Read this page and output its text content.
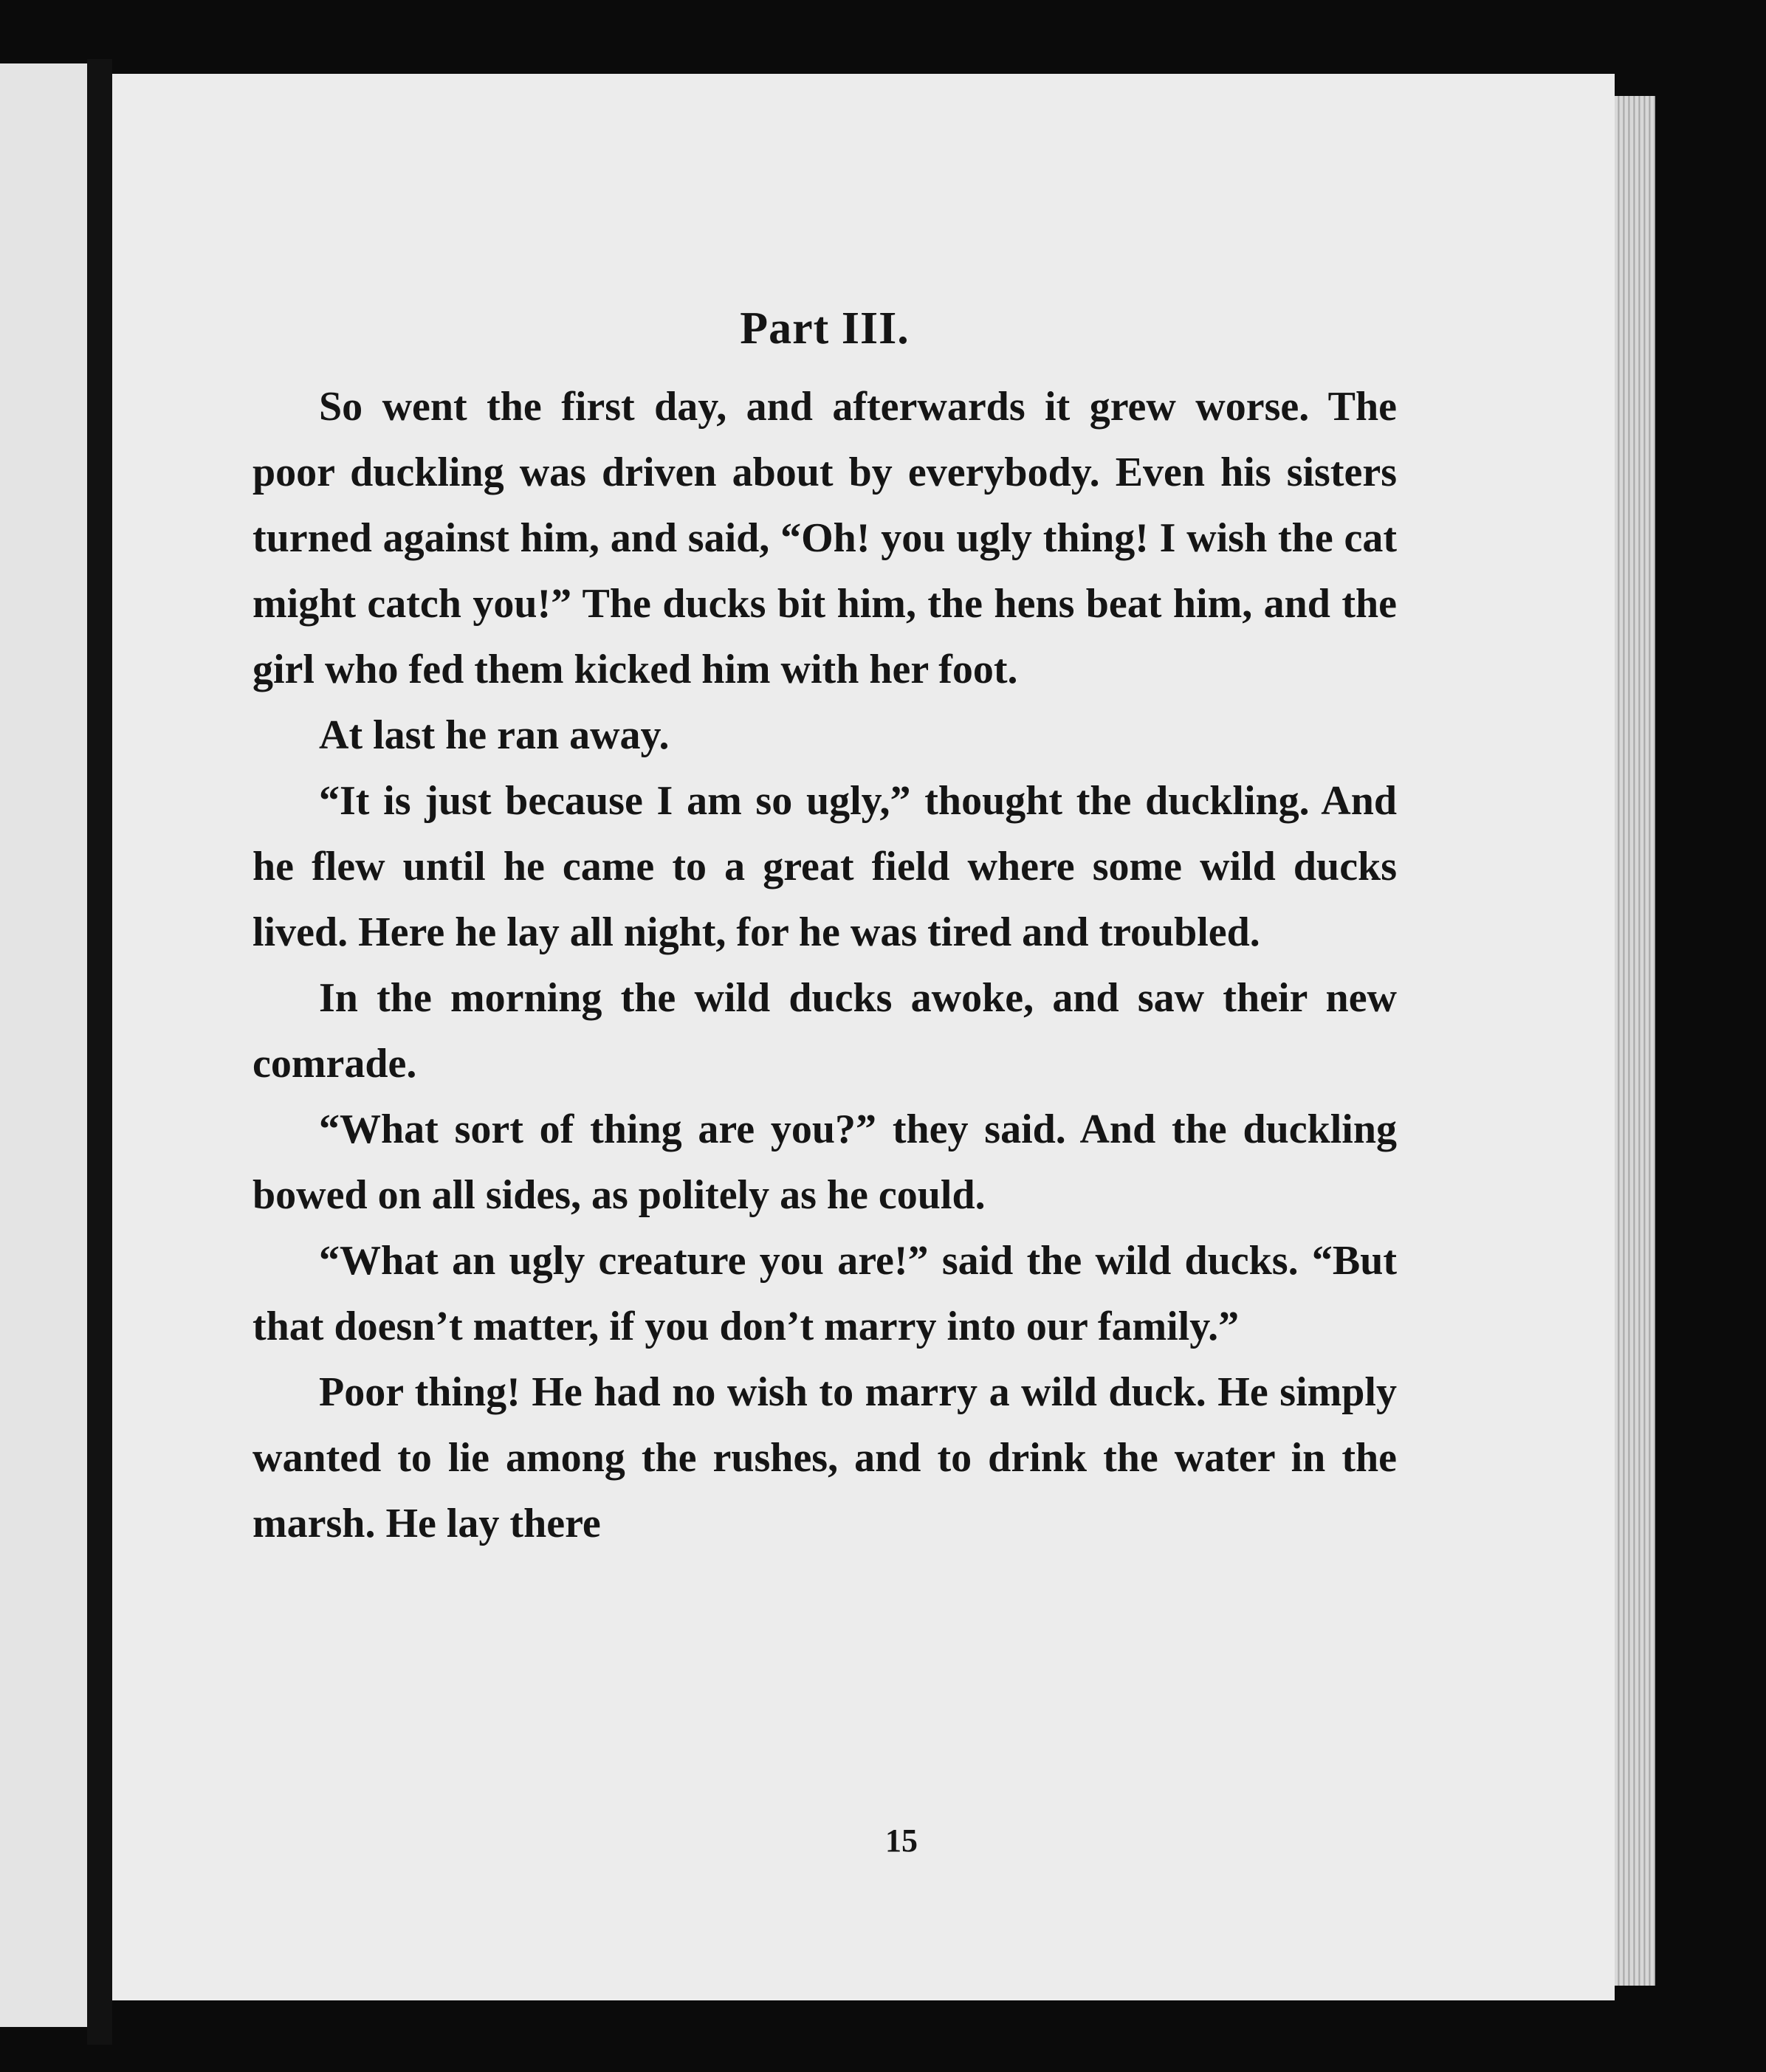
Part III.

So went the first day, and afterwards it grew worse. The poor duckling was driven about by everybody. Even his sisters turned against him, and said, “Oh! you ugly thing! I wish the cat might catch you!” The ducks bit him, the hens beat him, and the girl who fed them kicked him with her foot.

At last he ran away.

“It is just because I am so ugly,” thought the duckling. And he flew until he came to a great field where some wild ducks lived. Here he lay all night, for he was tired and troubled.

In the morning the wild ducks awoke, and saw their new comrade.

“What sort of thing are you?” they said. And the duckling bowed on all sides, as politely as he could.

“What an ugly creature you are!” said the wild ducks. “But that doesn’t matter, if you don’t marry into our family.”

Poor thing! He had no wish to marry a wild duck. He simply wanted to lie among the rushes, and to drink the water in the marsh. He lay there

15
